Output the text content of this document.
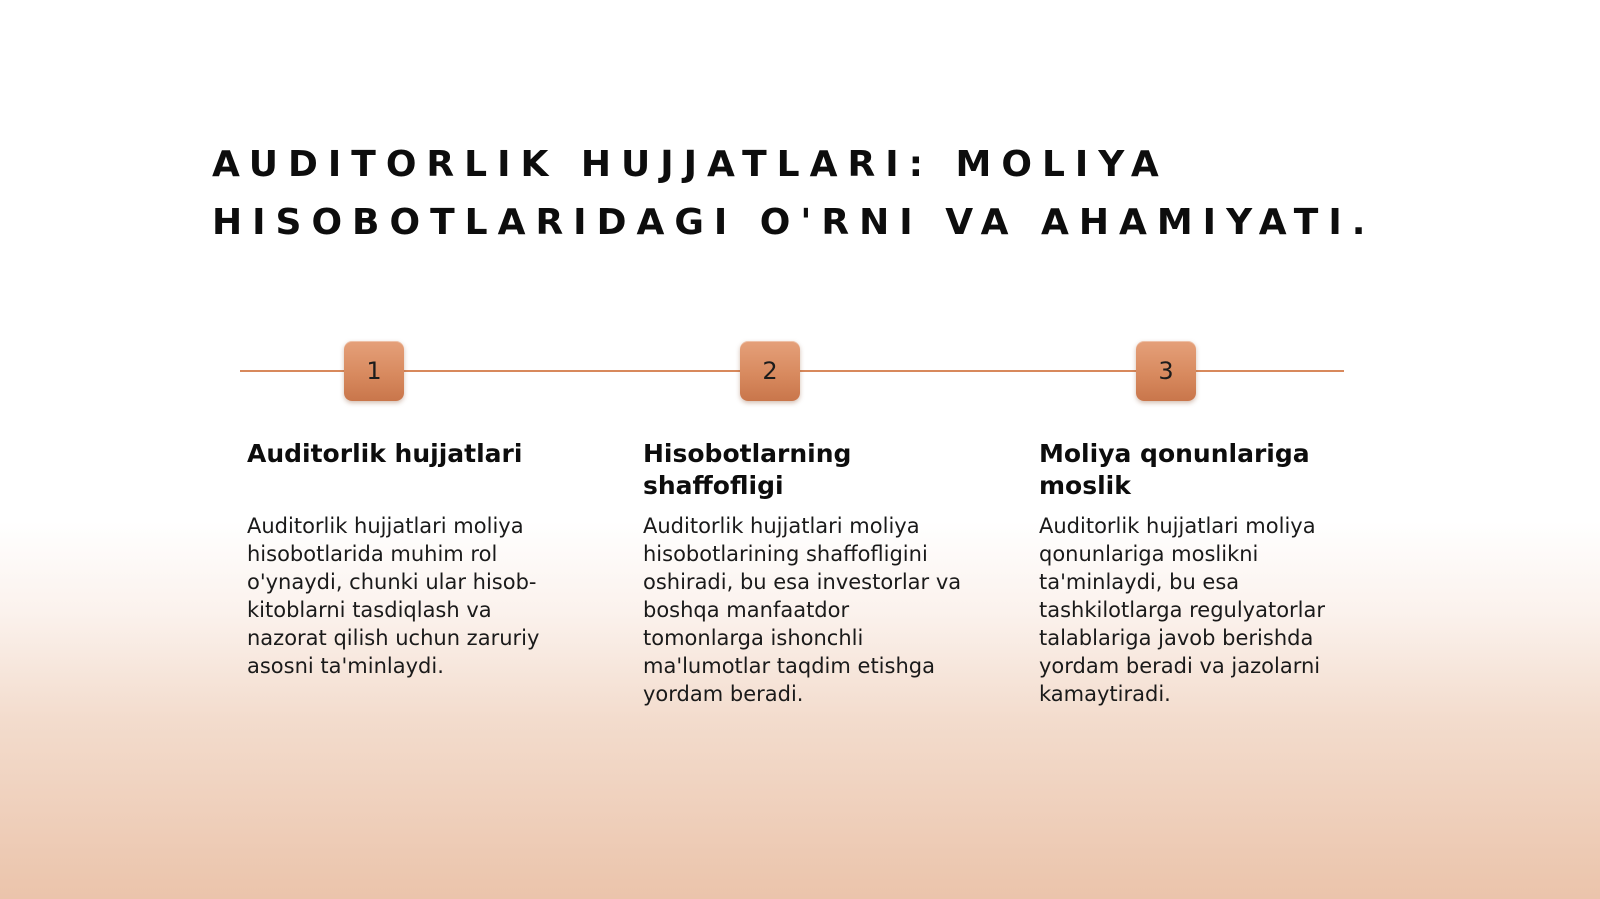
AUDITORLIK HUJJATLARI: MOLIYA
HISOBOTLARIDAGI O'RNI VA AHAMIYATI.
1	2	3
Auditorlik hujjatlari

Auditorlik hujjatlari moliya
hisobotlarida muhim rol
o'ynaydi, chunki ular hisob-
kitoblarni tasdiqlash va
nazorat qilish uchun zaruriy
asosni ta'minlaydi.

Hisobotlarning shaffofligi

Auditorlik hujjatlari moliya
hisobotlarining shaffofligini
oshiradi, bu esa investorlar va
boshqa manfaatdor
tomonlarga ishonchli
ma'lumotlar taqdim etishga
yordam beradi.

Moliya qonunlariga moslik

Auditorlik hujjatlari moliya
qonunlariga moslikni
ta'minlaydi, bu esa
tashkilotlarga regulyatorlar
talablariga javob berishda
yordam beradi va jazolarni
kamaytiradi.
